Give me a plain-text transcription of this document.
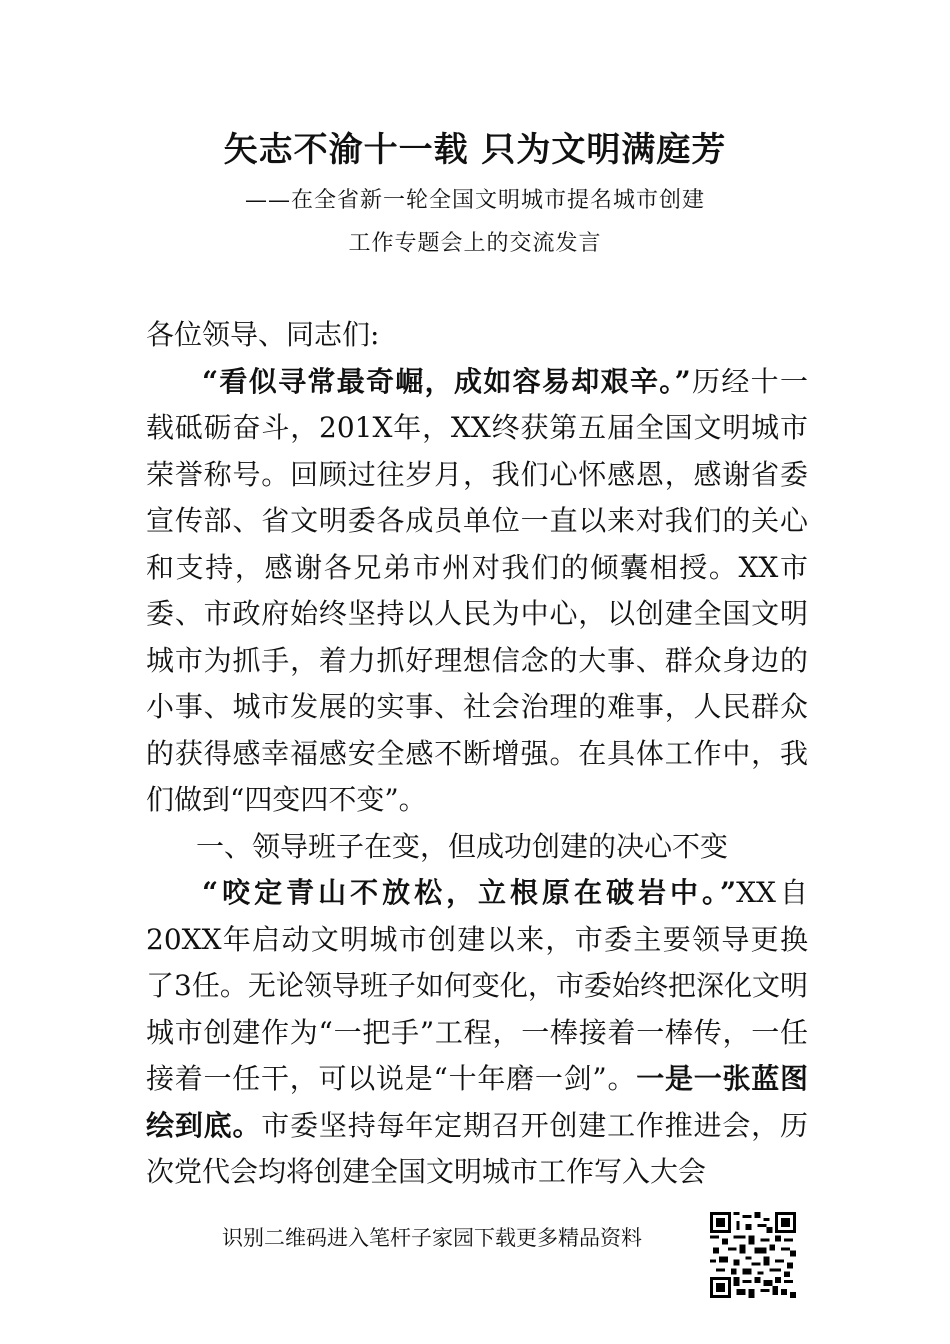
矢志不渝十一载 只为文明满庭芳
——在全省新一轮全国文明城市提名城市创建
工作专题会上的交流发言

各位领导、同志们:

“看似寻常最奇崛，成如容易却艰辛。”历经十一载砥砺奋斗，201X年，XX终获第五届全国文明城市荣誉称号。回顾过往岁月，我们心怀感恩，感谢省委宣传部、省文明委各成员单位一直以来对我们的关心和支持，感谢各兄弟市州对我们的倾囊相授。XX市委、市政府始终坚持以人民为中心，以创建全国文明城市为抓手，着力抓好理想信念的大事、群众身边的小事、城市发展的实事、社会治理的难事，人民群众的获得感幸福感安全感不断增强。在具体工作中，我们做到“四变四不变”。

一、领导班子在变，但成功创建的决心不变

“咬定青山不放松，立根原在破岩中。”XX自20XX年启动文明城市创建以来，市委主要领导更换了3任。无论领导班子如何变化，市委始终把深化文明城市创建作为“一把手”工程，一棒接着一棒传，一任接着一任干，可以说是“十年磨一剑”。一是一张蓝图绘到底。市委坚持每年定期召开创建工作推进会，历次党代会均将创建全国文明城市工作写入大会

识别二维码进入笔杆子家园下载更多精品资料
